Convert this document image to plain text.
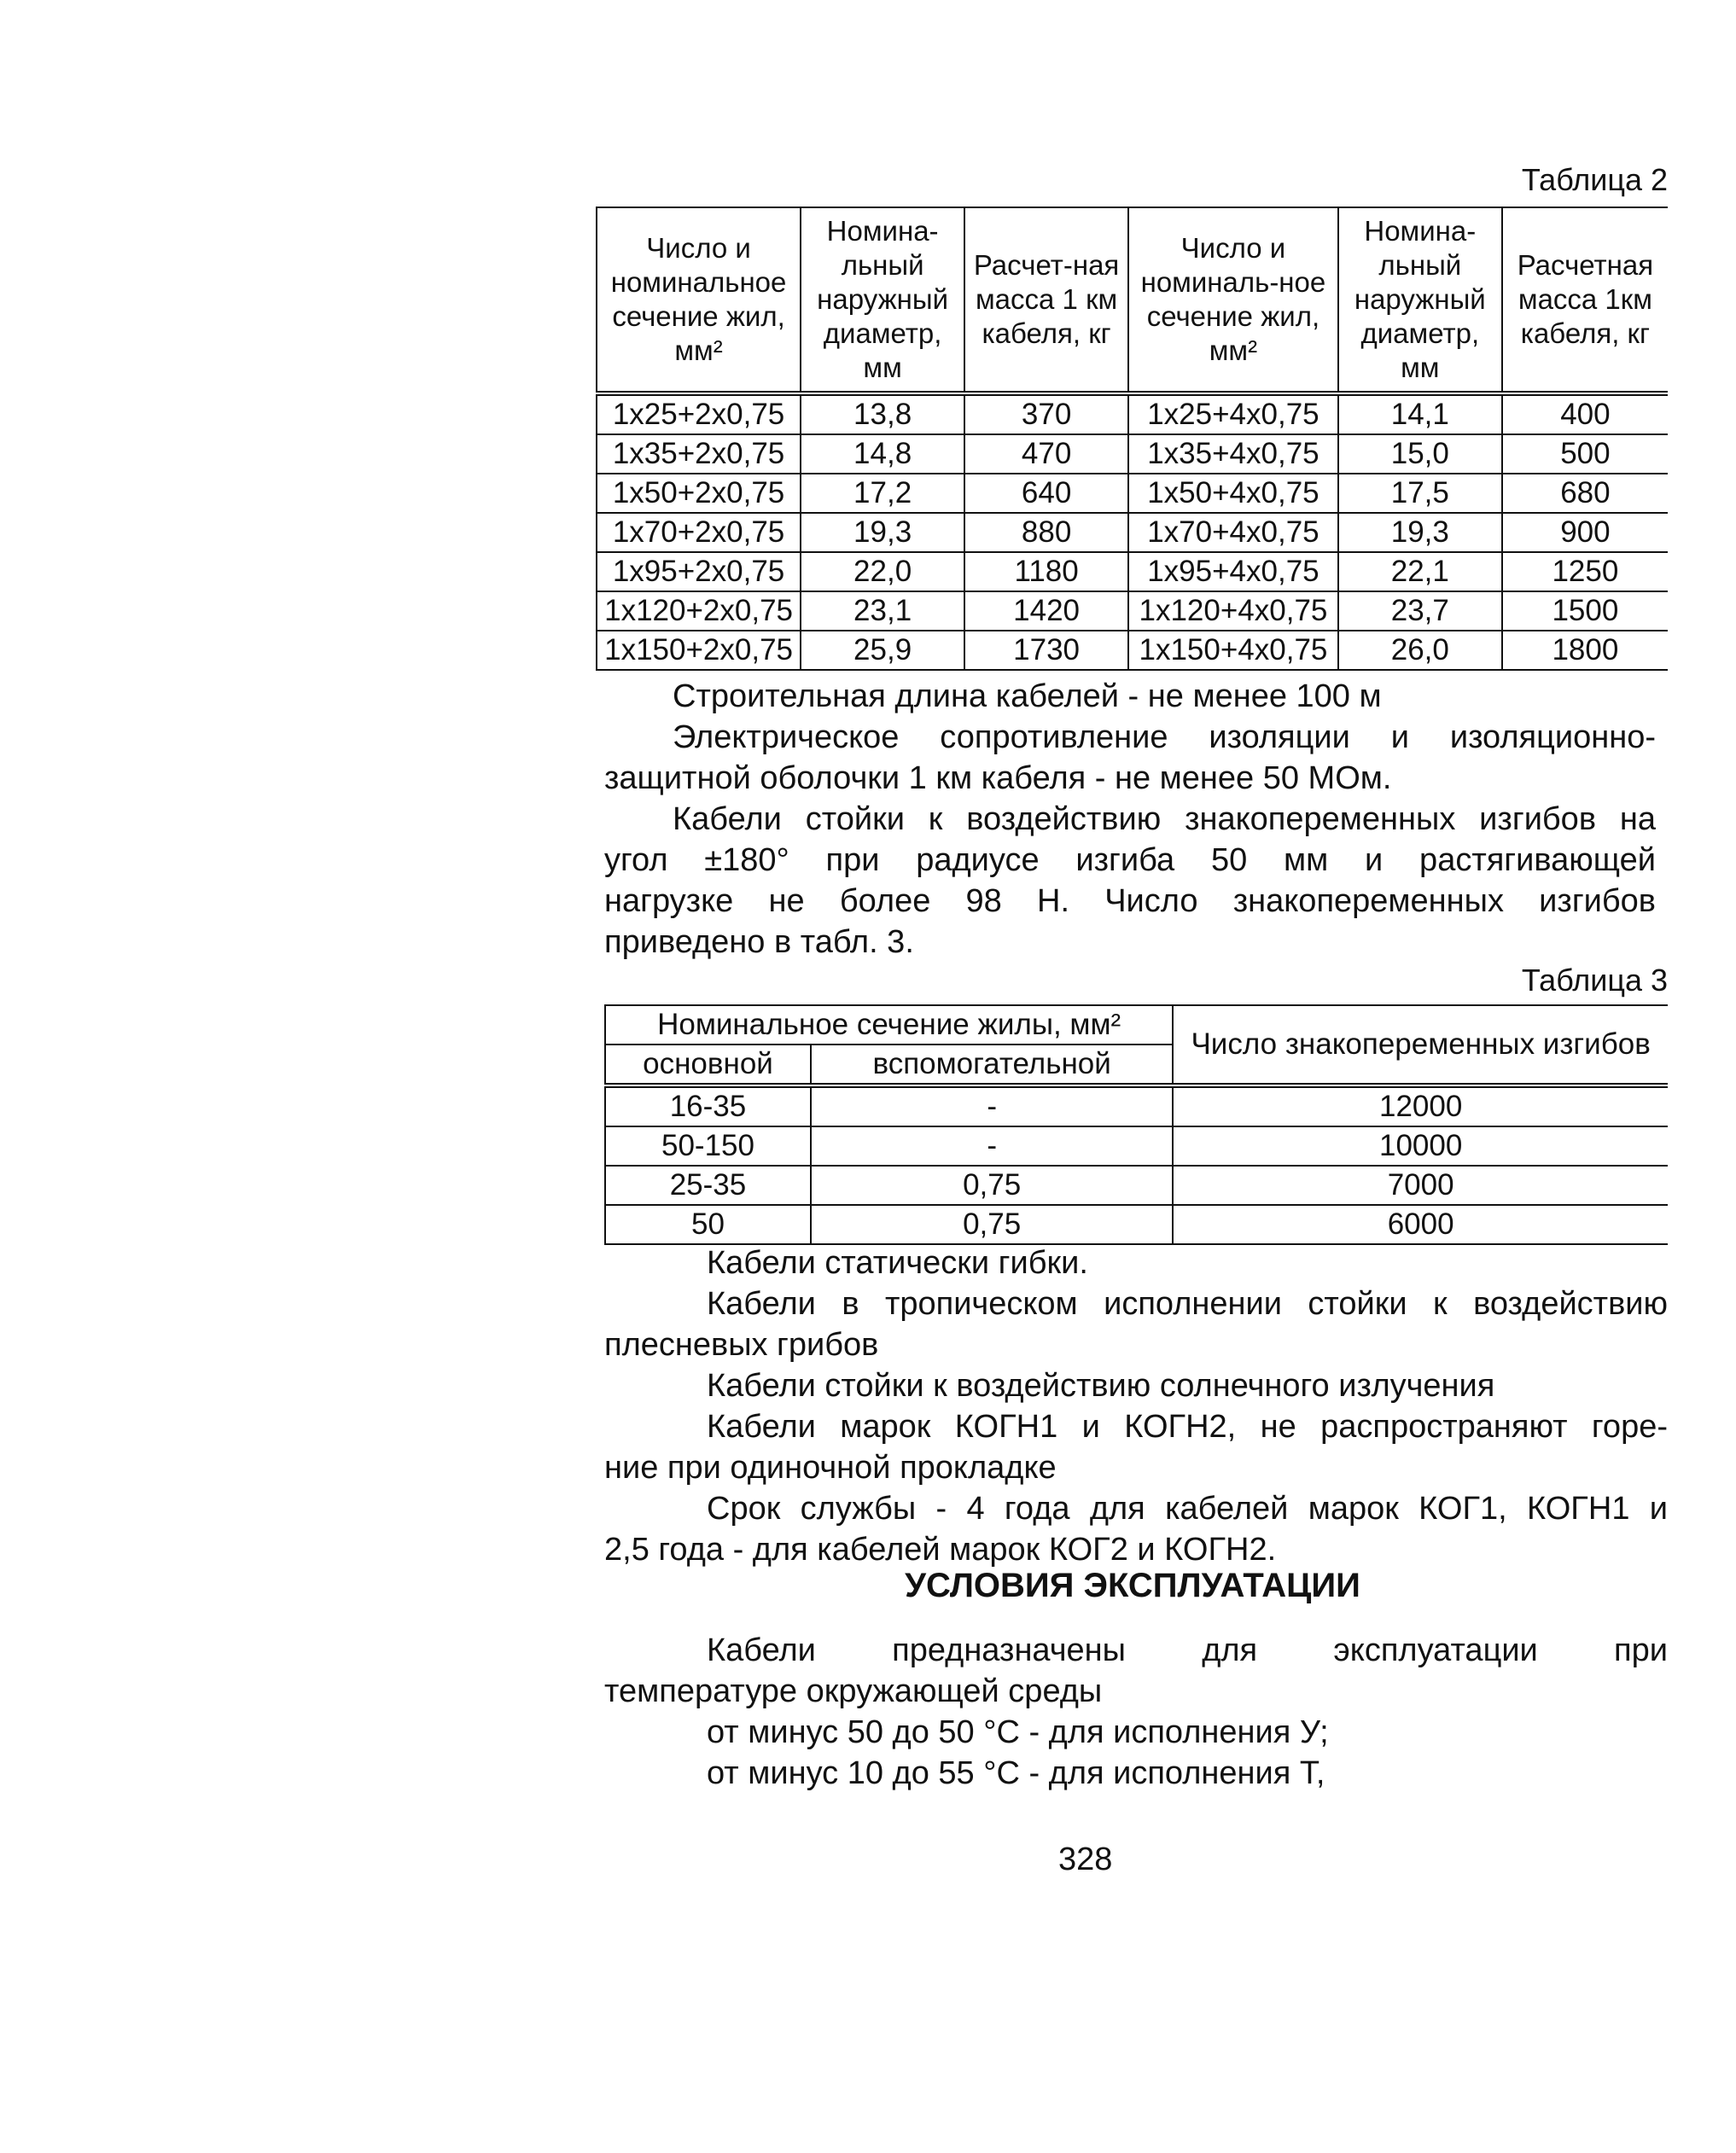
Таблица 2
Число и номинальное сечение жил, мм²	Номина-льный наружный диаметр, мм	Расчет-ная масса 1 км кабеля, кг	Число и номиналь-ное сечение жил, мм²	Номина-льный наружный диаметр, мм	Расчетная масса 1км кабеля, кг
1x25+2x0,75	13,8	370	1x25+4x0,75	14,1	400
1x35+2x0,75	14,8	470	1x35+4x0,75	15,0	500
1x50+2x0,75	17,2	640	1x50+4x0,75	17,5	680
1x70+2x0,75	19,3	880	1x70+4x0,75	19,3	900
1x95+2x0,75	22,0	1180	1x95+4x0,75	22,1	1250
1x120+2x0,75	23,1	1420	1x120+4x0,75	23,7	1500
1x150+2x0,75	25,9	1730	1x150+4x0,75	26,0	1800
Строительная длина кабелей - не менее 100 м
Электрическое сопротивление изоляции и изоляционно-
защитной оболочки 1 км кабеля - не менее 50 МОм.
Кабели стойки к воздействию знакопеременных изгибов на
угол ±180° при радиусе изгиба 50 мм и растягивающей
нагрузке не более 98 Н. Число знакопеременных изгибов
приведено в табл. 3.
Таблица 3
Номинальное сечение жилы, мм²		Число знакопеременных изгибов
основной	вспомогательной	
16-35	-	12000
50-150	-	10000
25-35	0,75	7000
50	0,75	6000
Кабели статически гибки.
Кабели в тропическом исполнении стойки к воздействию
плесневых грибов
Кабели стойки к воздействию солнечного излучения
Кабели марок КОГН1 и КОГН2, не распространяют горе-
ние при одиночной прокладке
Срок службы - 4 года для кабелей марок КОГ1, КОГН1 и
2,5 года - для кабелей марок КОГ2 и КОГН2.
УСЛОВИЯ ЭКСПЛУАТАЦИИ
Кабели предназначены для эксплуатации при
температуре окружающей среды
от минус 50 до 50 °С - для исполнения У;
от минус 10 до 55 °С - для исполнения Т,
328
